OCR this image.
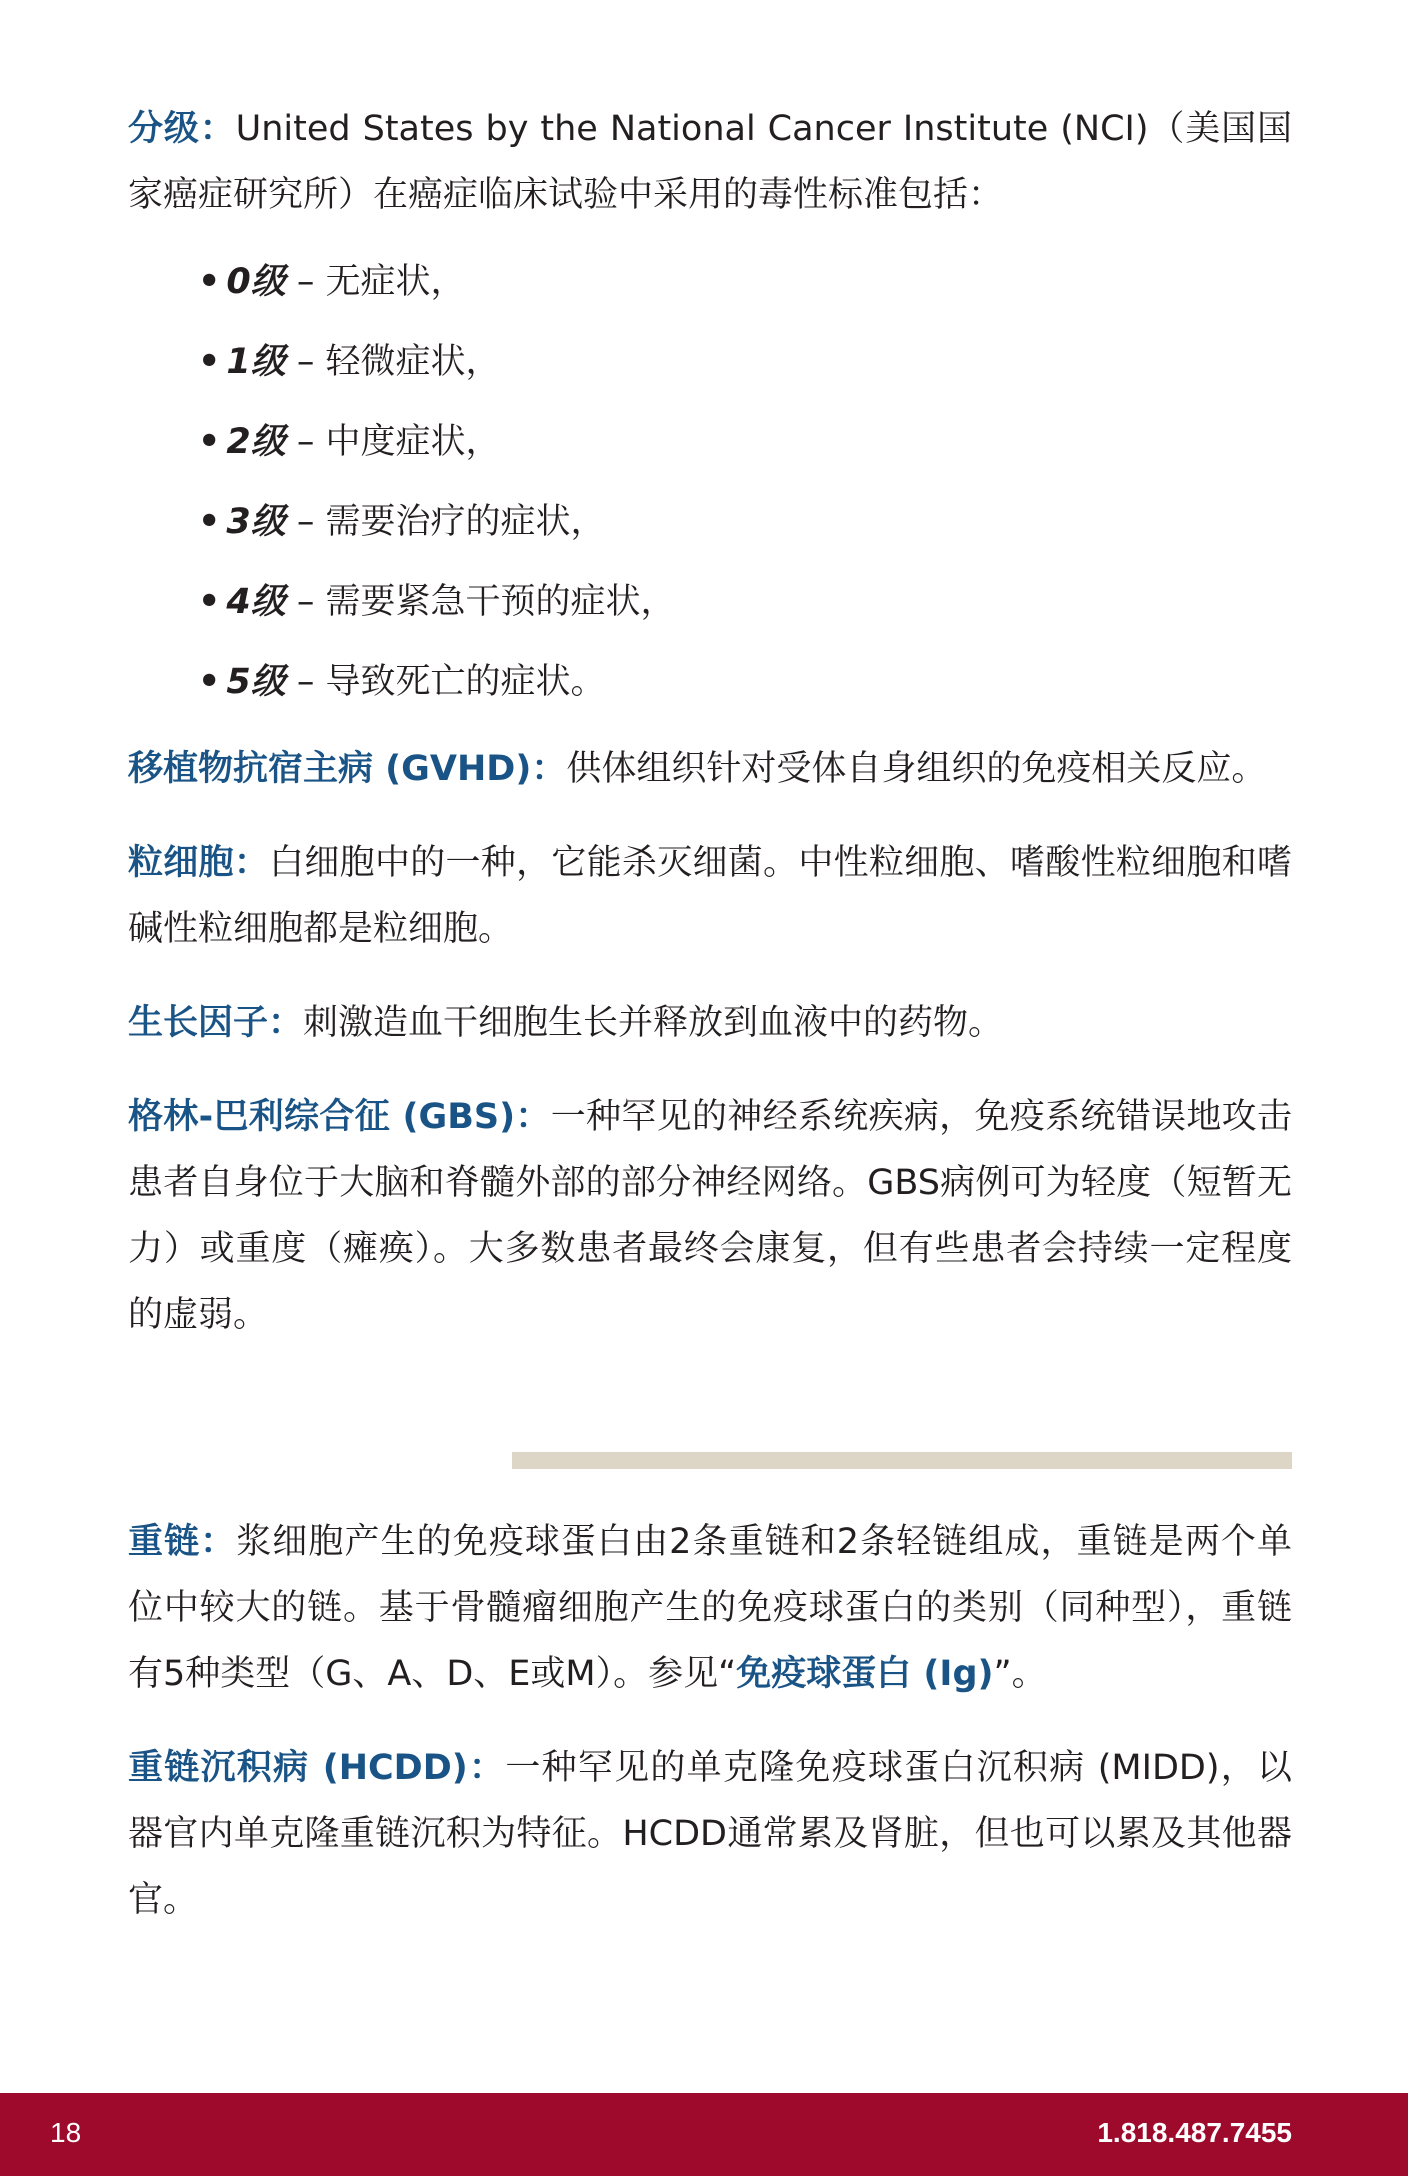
分级：United States by the National Cancer Institute (NCI)（美国国家癌症研究所）在癌症临床试验中采用的毒性标准包括：

• 0级 – 无症状，
• 1级 – 轻微症状，
• 2级 – 中度症状，
• 3级 – 需要治疗的症状，
• 4级 – 需要紧急干预的症状，
• 5级 – 导致死亡的症状。

移植物抗宿主病 (GVHD)：供体组织针对受体自身组织的免疫相关反应。

粒细胞：白细胞中的一种，它能杀灭细菌。中性粒细胞、嗜酸性粒细胞和嗜碱性粒细胞都是粒细胞。

生长因子：刺激造血干细胞生长并释放到血液中的药物。

格林-巴利综合征 (GBS)：一种罕见的神经系统疾病，免疫系统错误地攻击患者自身位于大脑和脊髓外部的部分神经网络。GBS病例可为轻度（短暂无力）或重度（瘫痪）。大多数患者最终会康复，但有些患者会持续一定程度的虚弱。

重链：浆细胞产生的免疫球蛋白由2条重链和2条轻链组成，重链是两个单位中较大的链。基于骨髓瘤细胞产生的免疫球蛋白的类别（同种型），重链有5种类型（G、A、D、E或M）。参见“免疫球蛋白 (Ig)”。

重链沉积病 (HCDD)：一种罕见的单克隆免疫球蛋白沉积病 (MIDD)，以器官内单克隆重链沉积为特征。HCDD通常累及肾脏，但也可以累及其他器官。

18	1.818.487.7455
